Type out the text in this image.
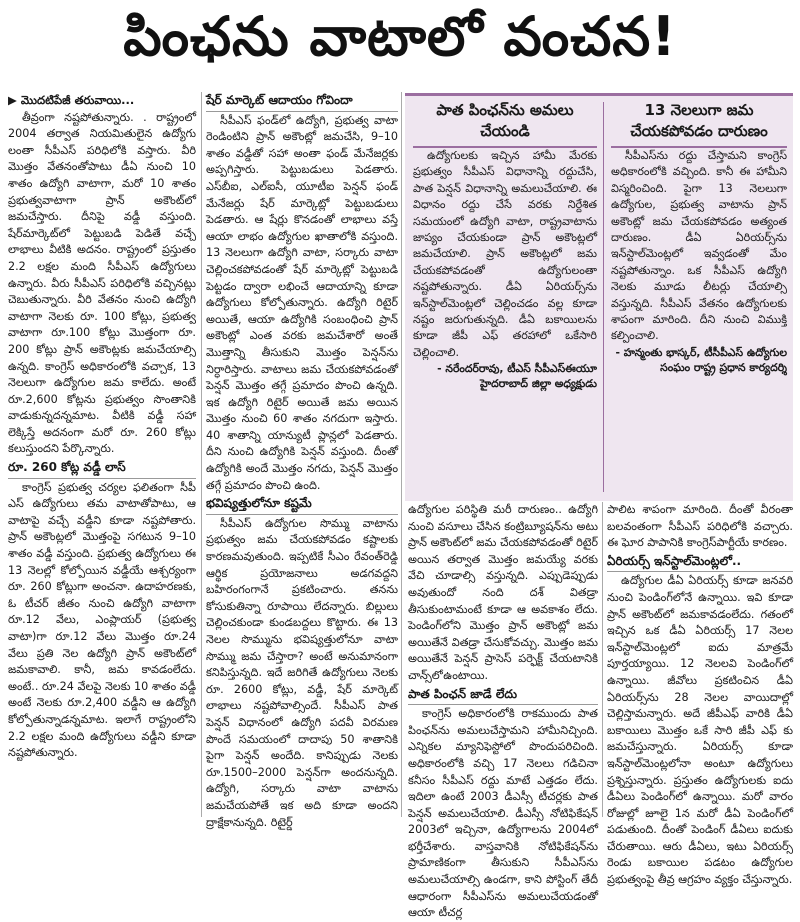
పింఛను వాటాలో వంచన!

▶ మొదటిపేజీ తరువాయి...

తీవ్రంగా నష్టపోతున్నారు. . రాష్ట్రంలో 2004 తర్వాత నియమితులైన ఉద్యోగు లంతా సీపీఎస్ పరిధిలోకి వస్తారు. వీరి మొత్తం వేతనంతోపాటు డీఏ నుంచి 10 శాతం ఉద్యోగి వాటాగా, మరో 10 శాతం ప్రభుత్వవాటాగా ప్రాన్ అకౌంట్‌లో జమచేస్తారు. దీనిపై వడ్డీ వస్తుంది. షేర్‌మార్కెట్‌లో పెట్టుబడి పెడితే వచ్చే లాభాలు వీటికి అదనం. రాష్ట్రంలో ప్రస్తుతం 2.2 లక్షల మంది సీపీఎస్ ఉద్యోగులు ఉన్నారు. వీరు సీపీఎస్ పరిధిలోకి వచ్చినట్లు చెబుతున్నారు. వీరి వేతనం నుంచి ఉద్యోగి వాటాగా నెలకు రూ. 100 కోట్లు, ప్రభుత్వ వాటాగా రూ.100 కోట్లు మొత్తంగా రూ. 200 కోట్లు ప్రాన్ అకౌంట్లకు జమచేయాల్సి ఉన్నది. కాంగ్రెస్ అధికారంలోకి వచ్చాక, 13 నెలలుగా ఉద్యోగుల జమ కాలేదు. అంటే రూ.2,600 కోట్లను ప్రభుత్వం సొంతానికి వాడుకున్నదన్నమాట. వీటికి వడ్డీ సహా లెక్కిస్తే అదనంగా మరో రూ. 260 కోట్లు కలుస్తుందని పేర్కొన్నారు.

రూ. 260 కోట్ల వడ్డీ లాస్

కాంగ్రెస్ ప్రభుత్వ చర్యల ఫలితంగా సీపీ ఎస్ ఉద్యోగులు తమ వాటాతోపాటు, ఆ వాటాపై వచ్చే వడ్డీని కూడా నష్టపోతారు. ప్రాన్ అకౌంట్లలో మొత్తంపై సగటున 9–10 శాతం వడ్డీ వస్తుంది. ప్రభుత్వ ఉద్యోగులు ఈ 13 నెలల్లో కోల్పోయిన వడ్డీయే ఆశ్చర్యంగా రూ. 260 కోట్లుగా అంచనా. ఉదాహరణకు, ఓ టీచర్ జీతం నుంచి ఉద్యోగి వాటాగా రూ.12 వేలు, ఎంప్లాయర్ (ప్రభుత్వ వాటా)గా రూ.12 వేలు మొత్తం రూ.24 వేలు ప్రతి నెల ఉద్యోగి ప్రాన్ అకౌంట్‌లో జమకావాలి. కానీ, జమ కావడంలేదు. అంటే.. రూ.24 వేలపై నెలకు 10 శాతం వడ్డీ అంటే నెలకు రూ.2,400 వడ్డీని ఆ ఉద్యోగి కోల్పోతున్నాడన్నమాట. ఇలాగే రాష్ట్రంలోని 2.2 లక్షల మంది ఉద్యోగులు వడ్డీని కూడా నష్టపోతున్నారు.

షేర్ మార్కెట్ ఆదాయం గోవిందా

సీపీఎస్ ఫండ్‌లో ఉద్యోగి, ప్రభుత్వ వాటా రెండింటిని ప్రాన్ అకౌంట్లో జమచేసి, 9–10 శాతం వడ్డీతో సహా అంతా ఫండ్ మేనేజర్లకు అప్పగిస్తారు. పెట్టుబడులు పెడతారు. ఎస్‌బీఐ, ఎల్‌ఐసీ, యూటీఐ పెన్షన్ ఫండ్ మేనేజర్లు షేర్ మార్కెట్లో పెట్టుబడులు పెడతారు. ఆ షేర్లు కొనడంతో లాభాలు వస్తే ఆయా లాభం ఉద్యోగుల ఖాతాలోకి వస్తుంది. 13 నెలలుగా ఉద్యోగి వాటా, సర్కారు వాటా చెల్లించకపోవడంతో షేర్ మార్కెట్లో పెట్టుబడి పెట్టడం ద్వారా లభించే ఆదాయాన్ని కూడా ఉద్యోగులు కోల్పోతున్నారు. ఉద్యోగి రిటైర్ అయితే, ఆయా ఉద్యోగికి సంబంధించి ప్రాన్ అకౌంట్లో ఎంత వరకు జమచేశారో అంతే మొత్తాన్ని తీసుకుని మొత్తం పెన్షన్‌ను నిర్ధారిస్తారు. వాటాలు జమ చేయకపోవడంతో పెన్షన్ మొత్తం తగ్గే ప్రమాదం పొంచి ఉన్నది. ఇక ఉద్యోగి రిటైర్ అయితే జమ అయిన మొత్తం నుంచి 60 శాతం నగదుగా ఇస్తారు. 40 శాతాన్ని యాన్యుటీ ప్లాన్లలో పెడతారు. దీని నుంచి ఉద్యోగికి పెన్షన్ వస్తుంది. దీంతో ఉద్యోగికి అందే మొత్తం నగదు, పెన్షన్ మొత్తం తగ్గే ప్రమాదం పొంచి ఉంది.

భవిష్యత్తులోనూ కష్టమే

సీపీఎస్ ఉద్యోగుల సొమ్ము వాటాను ప్రభుత్వం జమ చేయకపోవడం కష్టాలకు కారణమవుతుంది. ఇప్పటికే సీఎం రేవంత్‌రెడ్డి ఆర్థిక ప్రయోజనాలు అడగవద్దని బహిరంగంగానే ప్రకటించారు. తనను కోసుకుతిన్నా రూపాయి లేదన్నారు. బిల్లులు చెల్లించకుండా కుండబద్దలు కొట్టారు. ఈ 13 నెలల సొమ్మును భవిష్యత్తులోనూ వాటా సొమ్ము జమ చేస్తారా? అంటే అనుమానంగా కనిపిస్తున్నది. ఇదే జరిగితే ఉద్యోగులు నెలకు రూ. 2600 కోట్లు, వడ్డీ, షేర్ మార్కెట్ లాభాలు నష్టపోవాల్సిందే. సీపీఎస్ పాత పెన్షన్ విధానంలో ఉద్యోగి పదవీ విరమణ పొందే సమయంలో దాదాపు 50 శాతానికి పైగా పెన్షన్ అందేది. కానిప్పుడు నెలకు రూ.1500–2000 పెన్షన్‌గా అందనున్నది. ఉద్యోగి, సర్కారు వాటా వాటాను జమచేయపోతే ఇక అది కూడా అందని ద్రాక్షేకానున్నది. రిటైర్డ్

పాత పింఛన్‌ను అమలు చేయండి

ఉద్యోగులకు ఇచ్చిన హామీ మేరకు ప్రభుత్వం సీపీఎస్ విధానాన్ని రద్దుచేసి, పాత పెన్షన్ విధానాన్ని అమలుచేయాలి. ఈ విధానం రద్దు చేసే వరకు నిర్దేశిత సమయంలో ఉద్యోగి వాటా, రాష్ట్రవాటాను జాప్యం చేయకుండా ప్రాన్ అకౌంట్లలో జమచేయాలి. ప్రాన్ అకౌంట్లలో జమ చేయకపోవడంతో ఉద్యోగులంతా నష్టపోతున్నారు. డీఏ ఏరియర్స్‌ను ఇన్‌స్టాల్‌మెంట్లలో చెల్లించడం వల్ల కూడా నష్టం జరుగుతున్నది. డీఏ బకాయిలను కూడా జీపీ ఎఫ్ తరహాలో ఒకేసారి చెల్లించాలి.

- నరేందర్‌రావు, టీఎస్ సీపీఎస్‌ఈయూ హైదరాబాద్ జిల్లా అధ్యక్షుడు

13 నెలలుగా జమ చేయకపోవడం దారుణం

సీపీఎస్‌ను రద్దు చేస్తామని కాంగ్రెస్ అధికారంలోకి వచ్చింది. కానీ ఈ హామీని విస్మరించింది. పైగా 13 నెలలుగా ఉద్యోగుల, ప్రభుత్వ వాటాను ప్రాన్ అకౌంట్లో జమ చేయకపోవడం అత్యంత దారుణం. డీఏ ఏరియర్స్‌ను ఇన్‌స్టాల్‌మెంట్లలో ఇవ్వడంతో మేం నష్టపోతున్నాం. ఒక సీపీఎస్ ఉద్యోగి నెలకు మూడు లీటర్లు చేయాల్సి వస్తున్నది. సీపీఎస్ వేతనం ఉద్యోగులకు శాపంగా మారింది. దీని నుంచి విముక్తి కల్పించాలి.

- హన్మంతు భాస్కర్, టీసీపీఎస్ ఉద్యోగుల సంఘం రాష్ట్ర ప్రధాన కార్యదర్శి

ఉద్యోగుల పరిస్థితి మరీ దారుణం.. ఉద్యోగి నుంచి వసూలు చేసిన కంట్రిబ్యూషన్‌ను అటు ప్రాన్ అకౌంట్‌లో జమ చేయకపోవడంతో రిటైర్ అయిన తర్వాత మొత్తం జమయ్యే వరకు వేచి చూడాల్సి వస్తున్నది. ఎప్పుడెప్పుడు అవుతుందో నంది దశ్ వితడ్రా తీసుకుంటామంటే కూడా ఆ అవకాశం లేదు. పెండింగ్‌లోని మొత్తం ప్రాన్ అకౌంట్లో జమ అయితేనే వితడ్రా చేసుకోవచ్చు. మొత్తం జమ అయితేనే పెన్షన్ ప్రాసెస్ పర్ఫెక్ట్ చేయటానికి చాన్స్‌ల‌ో ఉంటాయి.

పాత పింఛన్ జాడే లేదు

కాంగ్రెస్ అధికారంలోకి రాకముందు పాత పింఛన్‌ను అమలుచేస్తామని హామీనిచ్చింది. ఎన్నికల మ్యానిఫెస్టోలో పొందుపరిచింది. అధికారంలోకి వచ్చి 17 నెలలు గడిచినా కనీసం సీపీఎస్ రద్దు మాటే ఎత్తడం లేదు. ఇదిలా ఉంటే 2003 డీఎస్సీ టీచర్లకు పాత పెన్షన్ అమలుచేయాలి. డీఎస్సీ నోటిఫికేషన్ 2003లో ఇచ్చినా, ఉద్యోగాలను 2004లో భర్తీచేశారు. వాస్తవానికి నోటిఫికేషన్‌ను ప్రామాణికంగా తీసుకుని సీపీఎస్‌ను అమలుచేయాల్సి ఉండగా, కాని పోస్టింగ్ తేదీ ఆధారంగా సీపీఎస్‌ను అమలుచేయడంతో ఆయా టీచర్ల

పాలిట శాపంగా మారింది. దీంతో వీరంతా బలవంతంగా సీపీఎస్ పరిధిలోకి వచ్చారు. ఈ ఘోర పాపానికి కాంగ్రెస్‌పార్టీయే కారణం.

ఏరియర్స్ ఇన్‌స్టాల్‌మెంట్లలో..

ఉద్యోగుల డీఏ ఏరియర్స్ కూడా జనవరి నుంచి పెండింగ్‌లోనే ఉన్నాయి. ఇవి కూడా ప్రాన్ అకౌంట్‌లో జమకావడంలేదు. గతంలో ఇచ్చిన ఒక డీఏ ఏరియర్స్ 17 నెలల ఇన్‌స్టాల్‌మెంట్లలో ఐదు మాత్రమే పూర్తయ్యాయి. 12 నెలలవి పెండింగ్‌లో ఉన్నాయి. జీవోలు ప్రకటించిన డీఏ ఏరియర్స్‌ను 28 నెలల వాయిదాల్లో చెల్లిస్తామన్నారు. అదే జీపీఎఫ్ వారికి డీఏ బకాయిలు మొత్తం ఒకే సారి జీపీ ఎఫ్ కు జమచేస్తున్నారు. ఏరియర్స్ కూడా ఇన్‌స్టాల్‌మెంట్లలోనా అంటూ ఉద్యోగులు ప్రశ్నిస్తున్నారు. ప్రస్తుతం ఉద్యోగులకు ఐదు డీఏలు పెండింగ్‌లో ఉన్నాయి. మరో వారం రోజుల్లో జూలై 1న మరో డీఏ పెండింగ్‌లో పడుతుంది. దీంతో పెండింగ్ డీఏలు ఐదుకు చేరుతాయి. ఆరు డీఏలు, ఇటు ఏరియర్స్ రెండు బకాయిల పడటం ఉద్యోగుల ప్రభుత్వంపై తీవ్ర ఆగ్రహం వ్యక్తం చేస్తున్నారు.
